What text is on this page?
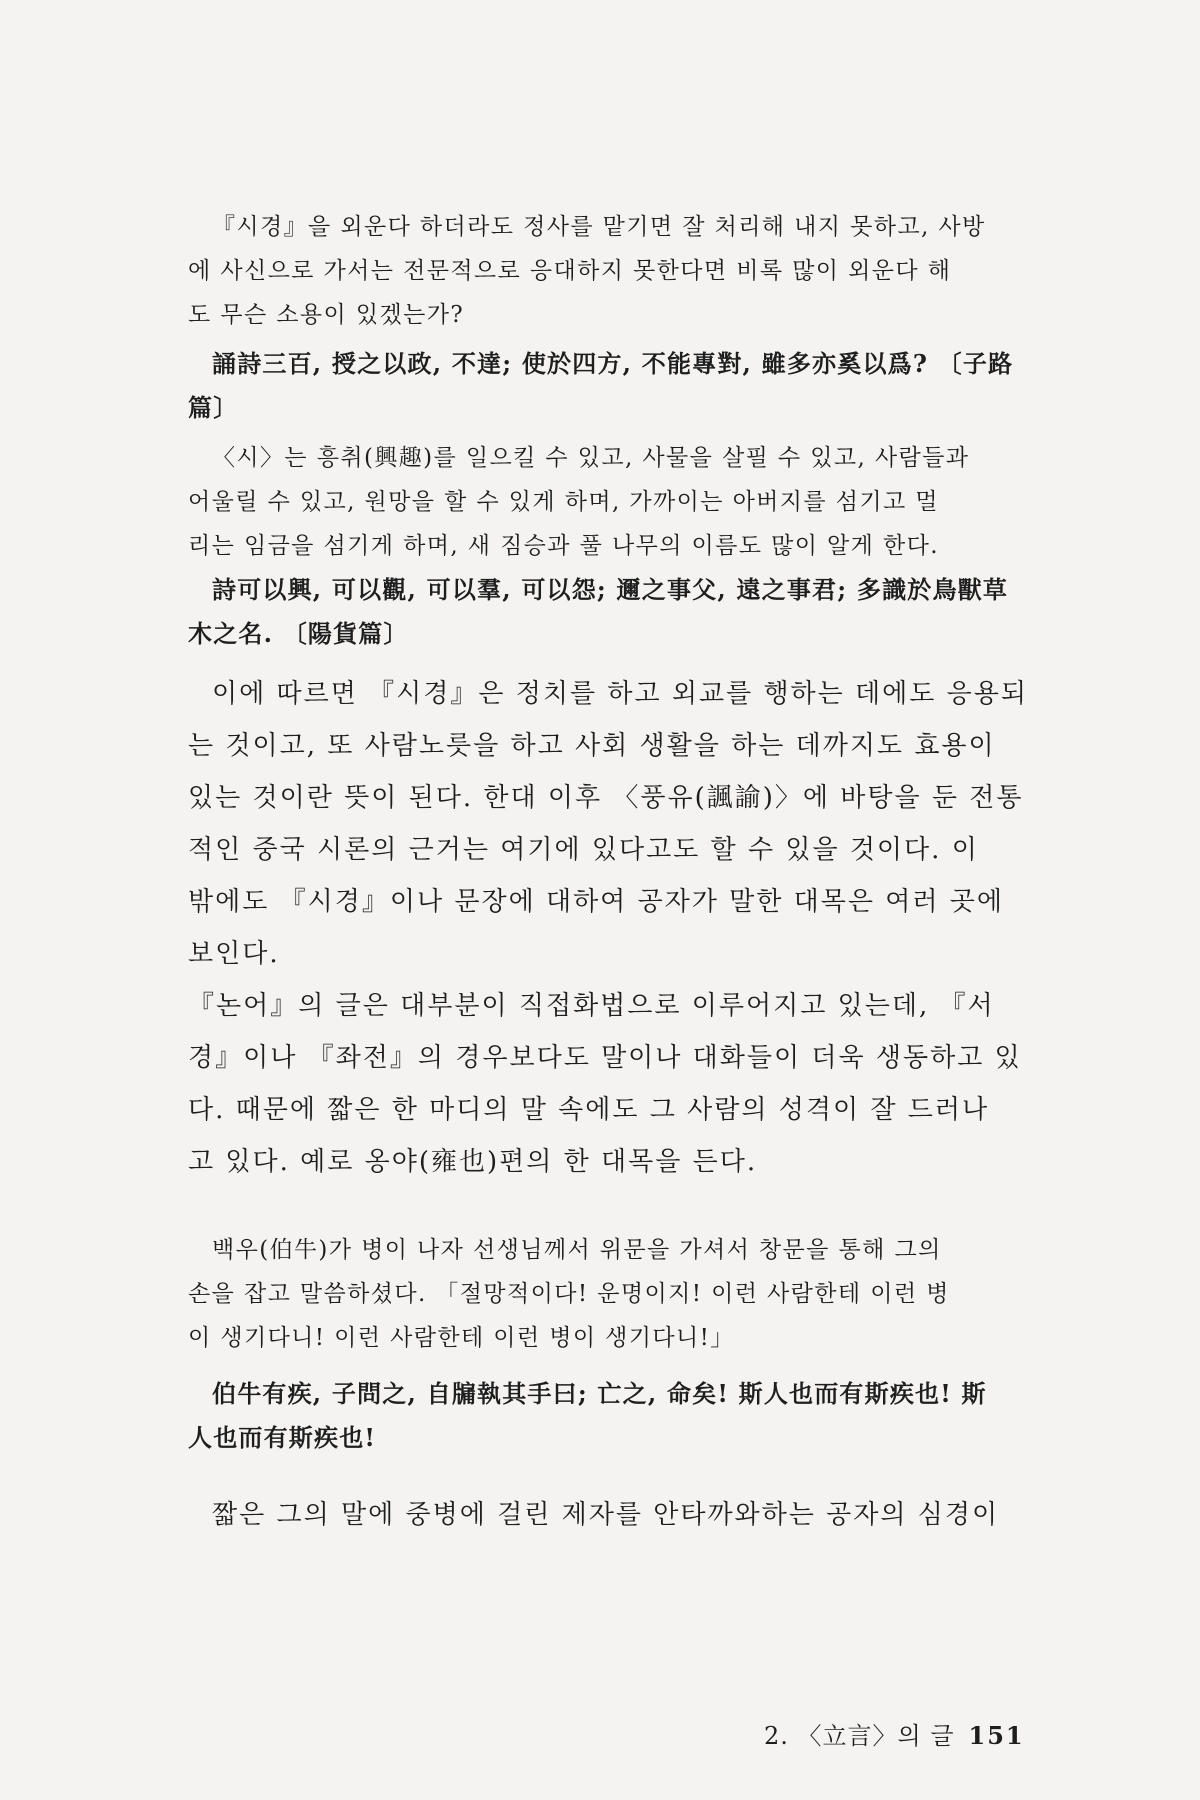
『시경』을 외운다 하더라도 정사를 맡기면 잘 처리해 내지 못하고, 사방
에 사신으로 가서는 전문적으로 응대하지 못한다면 비록 많이 외운다 해
도 무슨 소용이 있겠는가?
誦詩三百, 授之以政, 不達; 使於四方, 不能專對, 雖多亦奚以爲? 〔子路
篇〕
〈시〉는 흥취(興趣)를 일으킬 수 있고, 사물을 살필 수 있고, 사람들과
어울릴 수 있고, 원망을 할 수 있게 하며, 가까이는 아버지를 섬기고 멀
리는 임금을 섬기게 하며, 새 짐승과 풀 나무의 이름도 많이 알게 한다.
詩可以興, 可以觀, 可以羣, 可以怨; 邇之事父, 遠之事君; 多識於鳥獸草
木之名. 〔陽貨篇〕
이에 따르면 『시경』은 정치를 하고 외교를 행하는 데에도 응용되
는 것이고, 또 사람노릇을 하고 사회 생활을 하는 데까지도 효용이
있는 것이란 뜻이 된다. 한대 이후 〈풍유(諷諭)〉에 바탕을 둔 전통
적인 중국 시론의 근거는 여기에 있다고도 할 수 있을 것이다. 이
밖에도 『시경』이나 문장에 대하여 공자가 말한 대목은 여러 곳에
보인다.
『논어』의 글은 대부분이 직접화법으로 이루어지고 있는데, 『서
경』이나 『좌전』의 경우보다도 말이나 대화들이 더욱 생동하고 있
다. 때문에 짧은 한 마디의 말 속에도 그 사람의 성격이 잘 드러나
고 있다. 예로 옹야(雍也)편의 한 대목을 든다.
백우(伯牛)가 병이 나자 선생님께서 위문을 가셔서 창문을 통해 그의
손을 잡고 말씀하셨다. 「절망적이다! 운명이지! 이런 사람한테 이런 병
이 생기다니! 이런 사람한테 이런 병이 생기다니!」
伯牛有疾, 子問之, 自牖執其手曰; 亡之, 命矣! 斯人也而有斯疾也! 斯
人也而有斯疾也!
짧은 그의 말에 중병에 걸린 제자를 안타까와하는 공자의 심경이
2. 〈立言〉의 글 151
